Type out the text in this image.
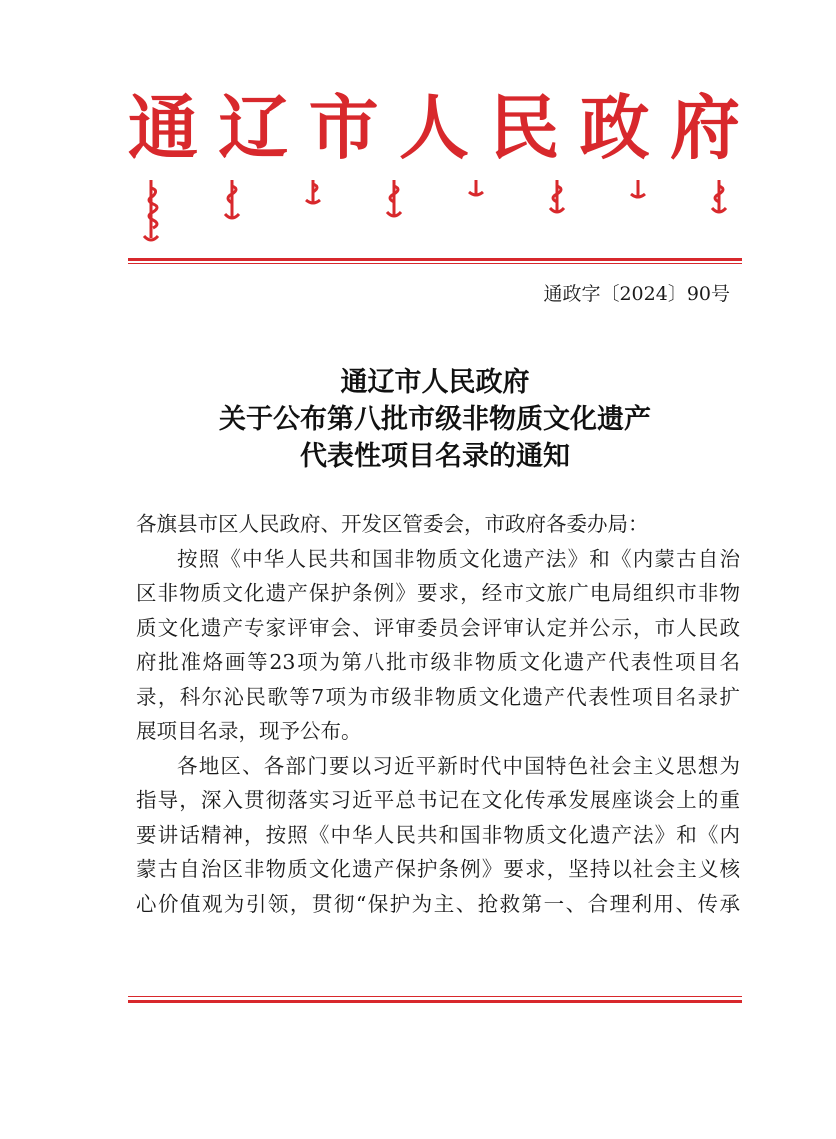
通 辽 市 人 民 政 府
通政字〔2024〕90号
通辽市人民政府
关于公布第八批市级非物质文化遗产
代表性项目名录的通知
各旗县市区人民政府、开发区管委会，市政府各委办局：
按照《中华人民共和国非物质文化遗产法》和《内蒙古自治
区非物质文化遗产保护条例》要求，经市文旅广电局组织市非物
质文化遗产专家评审会、评审委员会评审认定并公示，市人民政
府批准烙画等23项为第八批市级非物质文化遗产代表性项目名
录，科尔沁民歌等7项为市级非物质文化遗产代表性项目名录扩
展项目名录，现予公布。
各地区、各部门要以习近平新时代中国特色社会主义思想为
指导，深入贯彻落实习近平总书记在文化传承发展座谈会上的重
要讲话精神，按照《中华人民共和国非物质文化遗产法》和《内
蒙古自治区非物质文化遗产保护条例》要求，坚持以社会主义核
心价值观为引领，贯彻“保护为主、抢救第一、合理利用、传承
